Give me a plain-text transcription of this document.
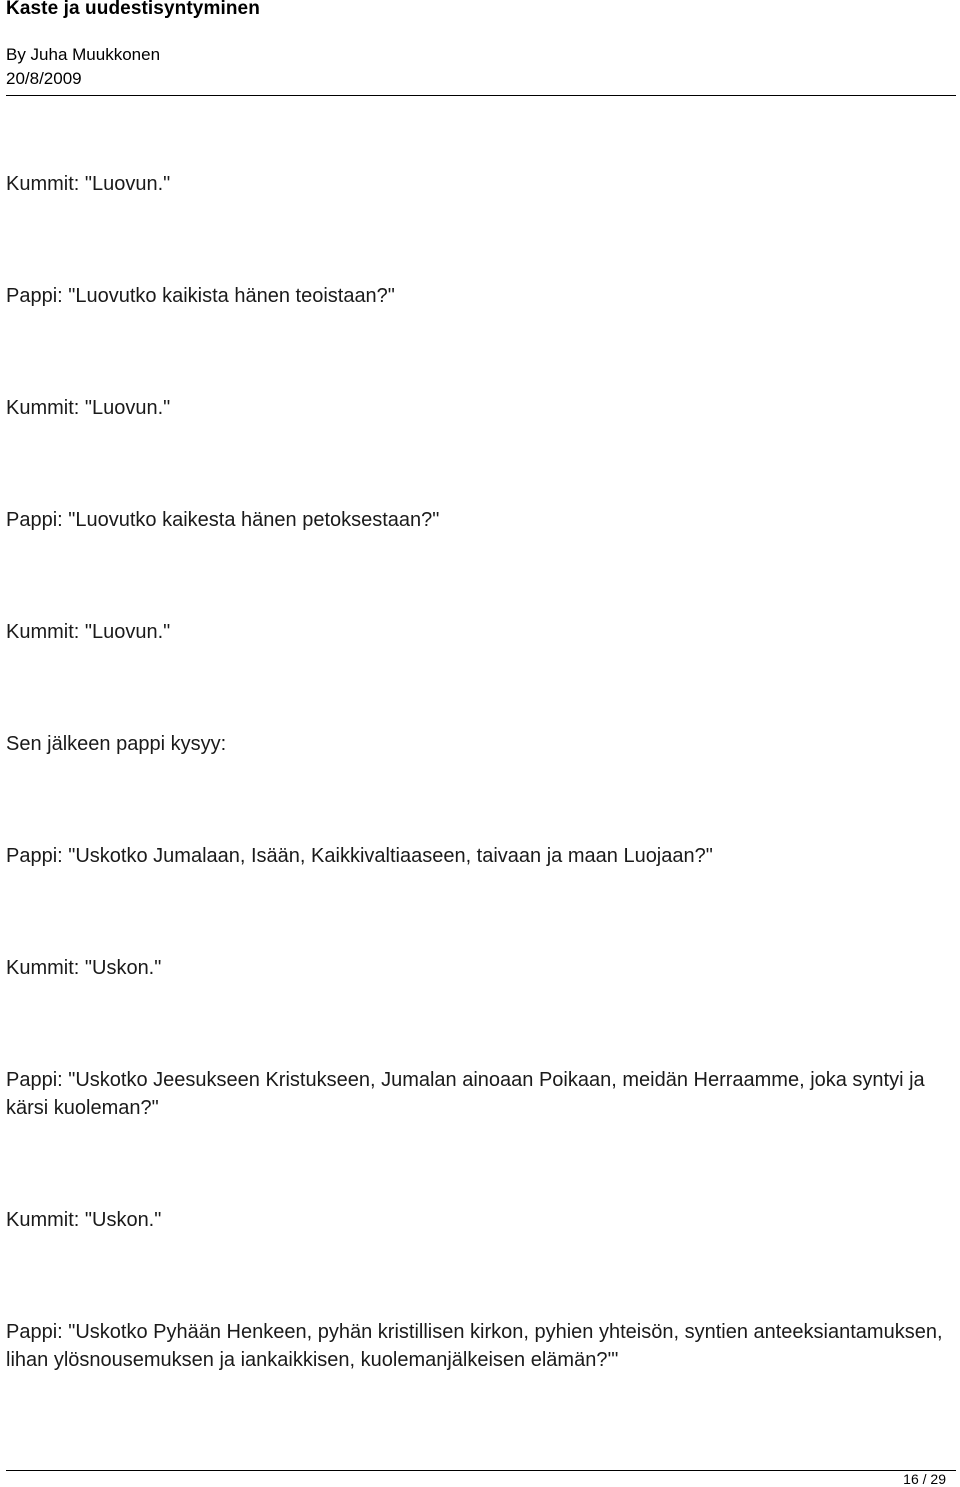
Kaste ja uudestisyntyminen
By Juha Muukkonen
20/8/2009
Kummit: "Luovun."
Pappi: "Luovutko kaikista hänen teoistaan?"
Kummit: "Luovun."
Pappi: "Luovutko kaikesta hänen petoksestaan?"
Kummit: "Luovun."
Sen jälkeen pappi kysyy:
Pappi: "Uskotko Jumalaan, Isään, Kaikkivaltiaaseen, taivaan ja maan Luojaan?"
Kummit: "Uskon."
Pappi: "Uskotko Jeesukseen Kristukseen, Jumalan ainoaan Poikaan, meidän Herraamme, joka syntyi ja kärsi kuoleman?"
Kummit: "Uskon."
Pappi: "Uskotko Pyhään Henkeen, pyhän kristillisen kirkon, pyhien yhteisön, syntien anteeksiantamuksen, lihan ylösnousemuksen ja iankaikkisen, kuolemanjälkeisen elämän?'"
16 / 29
